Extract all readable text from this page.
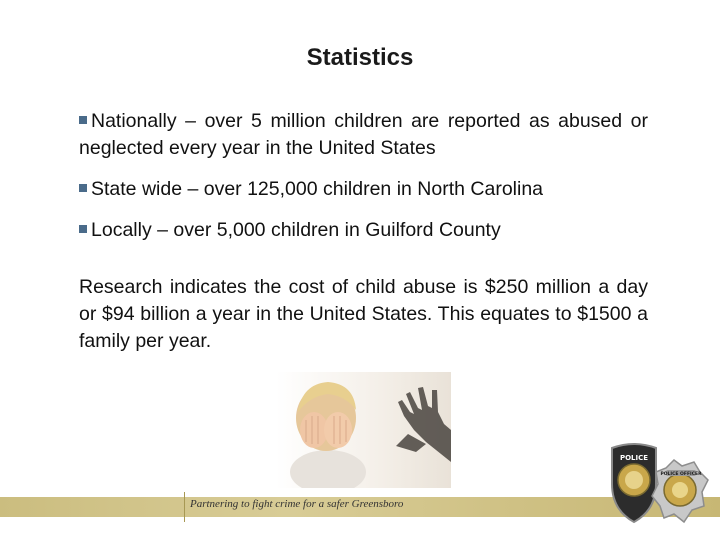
Statistics
Nationally – over 5 million children are reported as abused or neglected every year in the United States
State wide – over 125,000 children in North Carolina
Locally – over 5,000 children in Guilford County
Research indicates the cost of child abuse is $250 million a day or $94 billion a year in the United States. This equates to $1500 a family per year.
Partnering to fight crime for a safer Greensboro
POLICE
POLICE OFFICER
